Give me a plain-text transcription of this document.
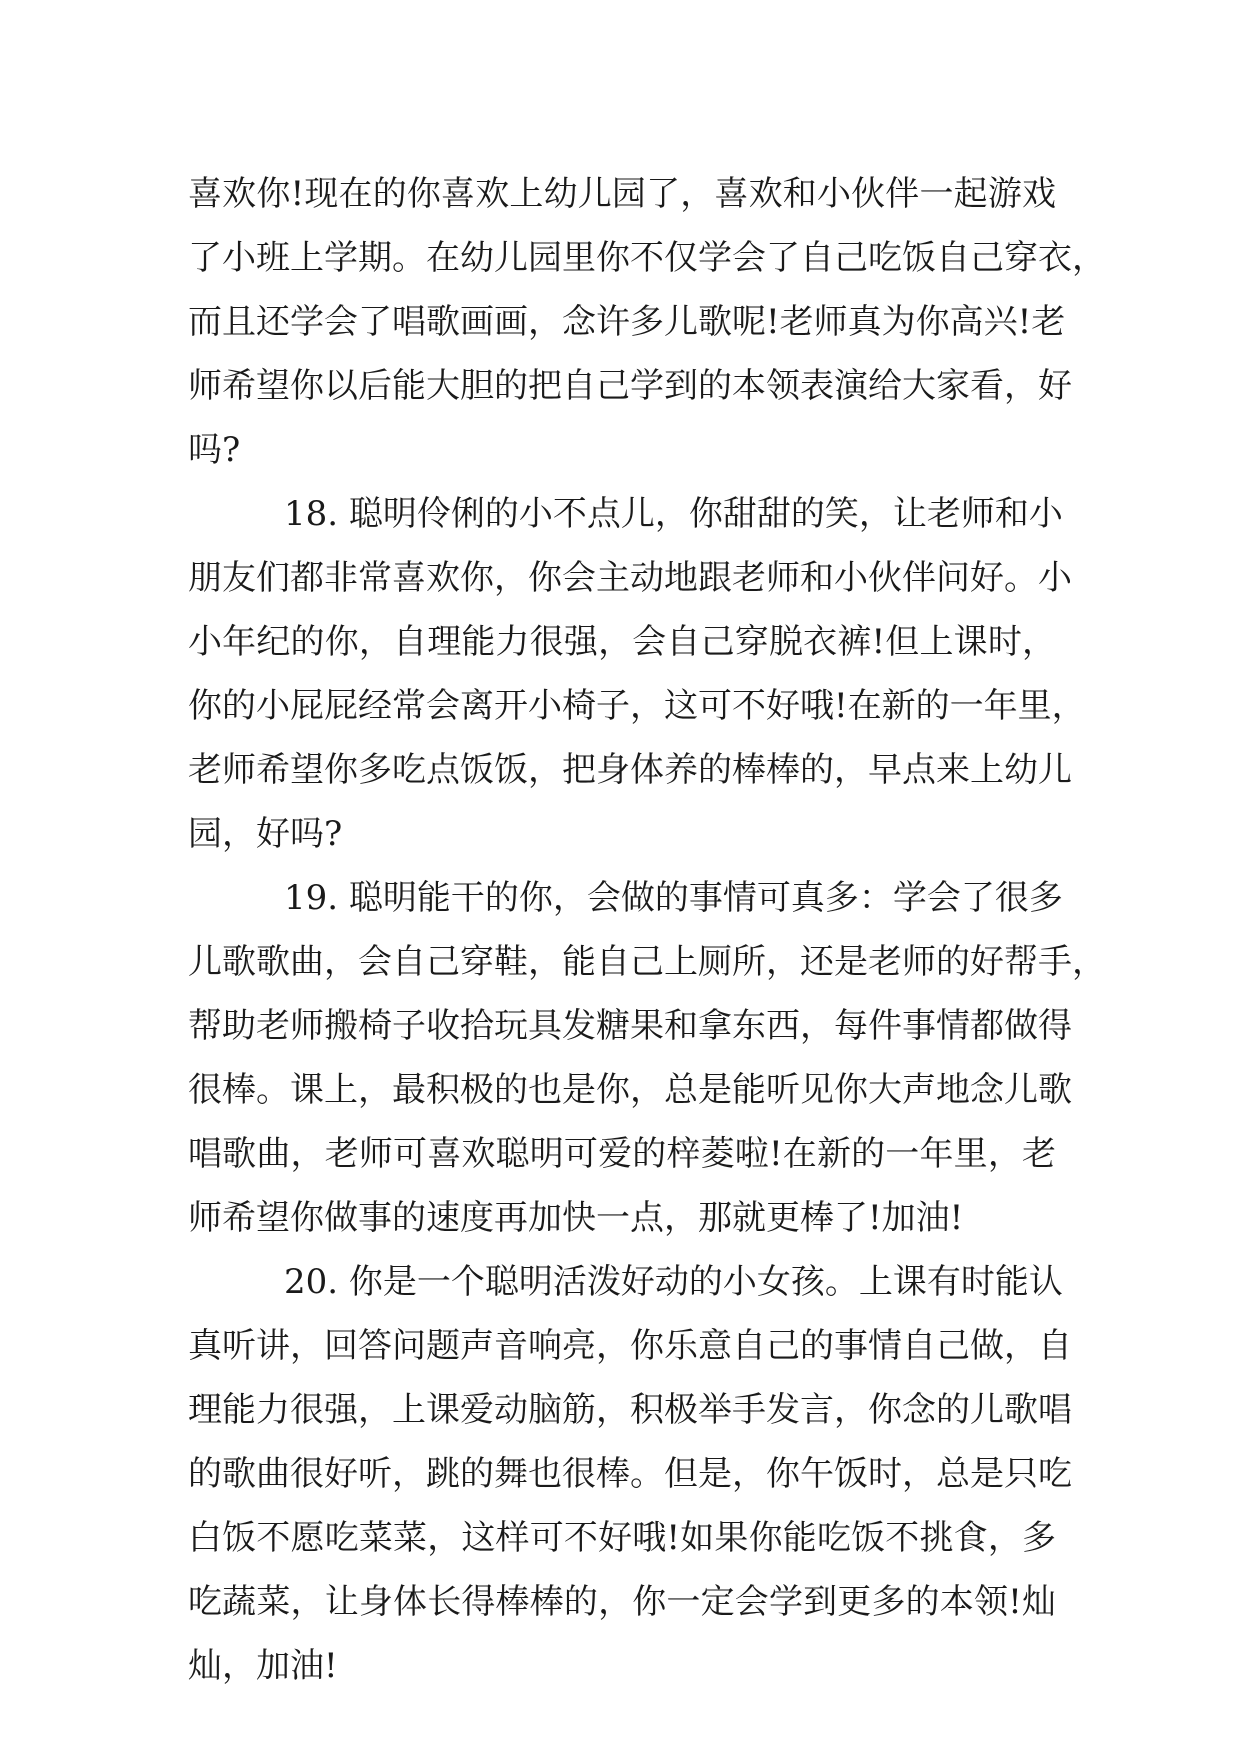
喜欢你!现在的你喜欢上幼儿园了，喜欢和小伙伴一起游戏
了小班上学期。在幼儿园里你不仅学会了自己吃饭自己穿衣，
而且还学会了唱歌画画，念许多儿歌呢!老师真为你高兴!老
师希望你以后能大胆的把自己学到的本领表演给大家看，好
吗?
18. 聪明伶俐的小不点儿，你甜甜的笑，让老师和小
朋友们都非常喜欢你，你会主动地跟老师和小伙伴问好。小
小年纪的你，自理能力很强，会自己穿脱衣裤!但上课时，
你的小屁屁经常会离开小椅子，这可不好哦!在新的一年里，
老师希望你多吃点饭饭，把身体养的棒棒的，早点来上幼儿
园，好吗?
19. 聪明能干的你，会做的事情可真多：学会了很多
儿歌歌曲，会自己穿鞋，能自己上厕所，还是老师的好帮手，
帮助老师搬椅子收拾玩具发糖果和拿东西，每件事情都做得
很棒。课上，最积极的也是你，总是能听见你大声地念儿歌
唱歌曲，老师可喜欢聪明可爱的梓菱啦!在新的一年里，老
师希望你做事的速度再加快一点，那就更棒了!加油!
20. 你是一个聪明活泼好动的小女孩。上课有时能认
真听讲，回答问题声音响亮，你乐意自己的事情自己做，自
理能力很强，上课爱动脑筋，积极举手发言，你念的儿歌唱
的歌曲很好听，跳的舞也很棒。但是，你午饭时，总是只吃
白饭不愿吃菜菜，这样可不好哦!如果你能吃饭不挑食，多
吃蔬菜，让身体长得棒棒的，你一定会学到更多的本领!灿
灿，加油!
